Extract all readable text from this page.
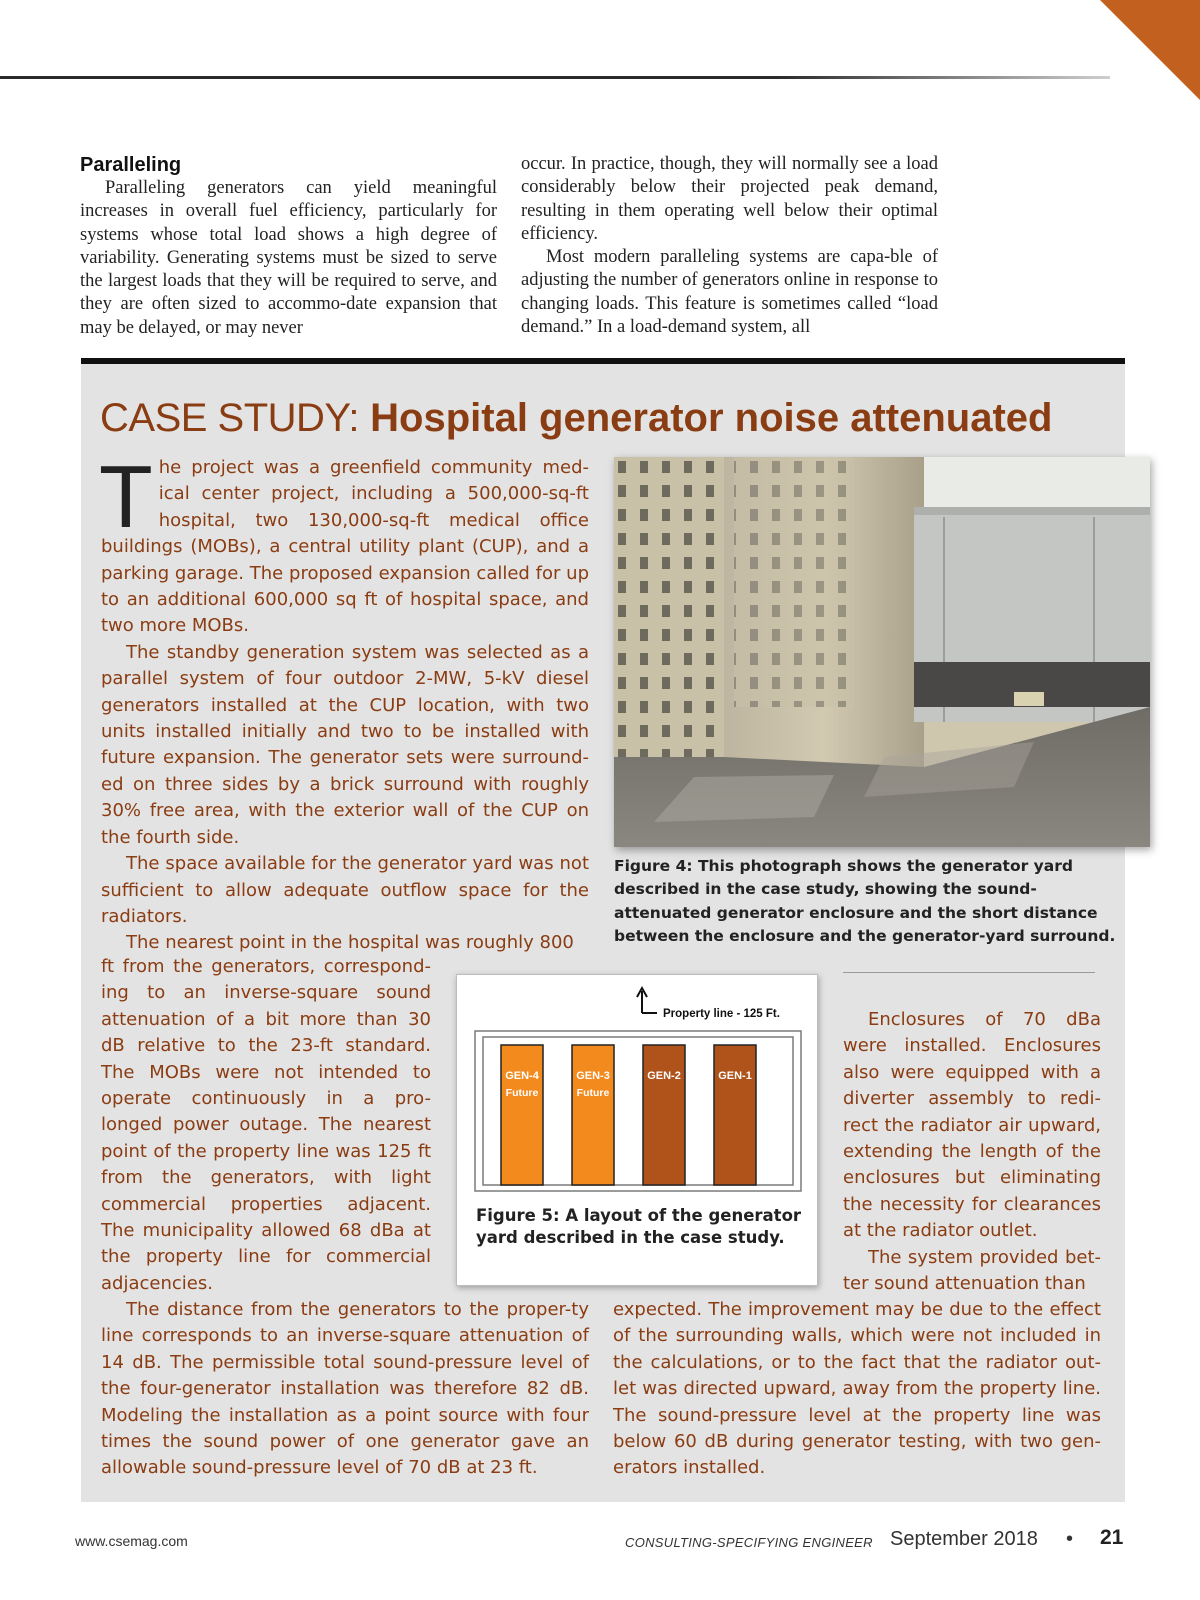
Paralleling

Paralleling generators can yield meaningful increases in overall fuel efficiency, particularly for systems whose total load shows a high degree of variability. Generating systems must be sized to serve the largest loads that they will be required to serve, and they are often sized to accommo-date expansion that may be delayed, or may never

occur. In practice, though, they will normally see a load considerably below their projected peak demand, resulting in them operating well below their optimal efficiency.

Most modern paralleling systems are capa-ble of adjusting the number of generators online in response to changing loads. This feature is sometimes called “load demand.” In a load-demand system, all

CASE STUDY: Hospital generator noise attenuated

The project was a greenfield community med-ical center project, including a 500,000-sq-ft hospital, two 130,000-sq-ft medical office buildings (MOBs), a central utility plant (CUP), and a parking garage. The proposed expansion called for up to an additional 600,000 sq ft of hospital space, and two more MOBs.

The standby generation system was selected as a parallel system of four outdoor 2-MW, 5-kV diesel generators installed at the CUP location, with two units installed initially and two to be installed with future expansion. The generator sets were surround-ed on three sides by a brick surround with roughly 30% free area, with the exterior wall of the CUP on the fourth side.

The space available for the generator yard was not sufficient to allow adequate outflow space for the radiators.

The nearest point in the hospital was roughly 800

ft from the generators, correspond-ing to an inverse-square sound attenuation of a bit more than 30 dB relative to the 23-ft standard. The MOBs were not intended to operate continuously in a pro-longed power outage. The nearest point of the property line was 125 ft from the generators, with light commercial properties adjacent. The municipality allowed 68 dBa at the property line for commercial adjacencies.

The distance from the generators to the proper-ty line corresponds to an inverse-square attenuation of 14 dB. The permissible total sound-pressure level of the four-generator installation was therefore 82 dB. Modeling the installation as a point source with four times the sound power of one generator gave an allowable sound-pressure level of 70 dB at 23 ft.

Figure 4: This photograph shows the generator yard described in the case study, showing the sound-attenuated generator enclosure and the short distance between the enclosure and the generator-yard surround.
Property line - 125 Ft.
GEN-4
Future
GEN-3
Future
GEN-2	GEN-1
Figure 5: A layout of the generator yard described in the case study.

Enclosures of 70 dBa were installed. Enclosures also were equipped with a diverter assembly to redi-rect the radiator air upward, extending the length of the enclosures but eliminating the necessity for clearances at the radiator outlet.

The system provided bet-ter sound attenuation than

expected. The improvement may be due to the effect of the surrounding walls, which were not included in the calculations, or to the fact that the radiator out-let was directed upward, away from the property line. The sound-pressure level at the property line was below 60 dB during generator testing, with two gen-erators installed.

www.csemag.com	CONSULTING-SPECIFYING ENGINEER September 2018 • 21
